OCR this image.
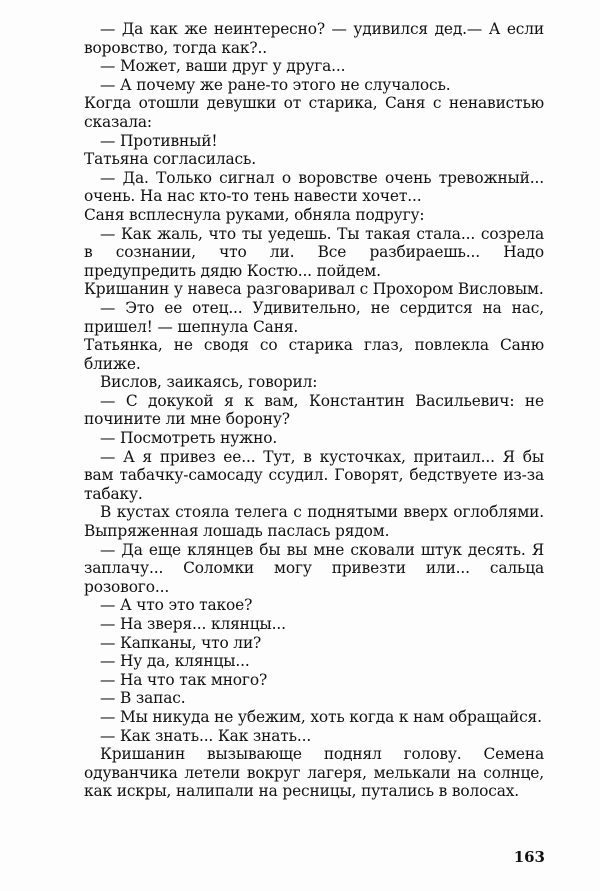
— Да как же неинтересно? — удивился дед.— А если воровство, тогда как?..

— Может, ваши друг у друга...

— А почему же ране-то этого не случалось.

Когда отошли девушки от старика, Саня с ненавистью сказала:

— Противный!

Татьяна согласилась.

— Да. Только сигнал о воровстве очень тревожный... очень. На нас кто-то тень навести хочет...

Саня всплеснула руками, обняла подругу:

— Как жаль, что ты уедешь. Ты такая стала... созрела в сознании, что ли. Все разбираешь... Надо предупредить дядю Костю... пойдем.

Кришанин у навеса разговаривал с Прохором Висловым.

— Это ее отец... Удивительно, не сердится на нас, пришел! — шепнула Саня.

Татьянка, не сводя со старика глаз, повлекла Саню ближе.

Вислов, заикаясь, говорил:

— С докукой я к вам, Константин Васильевич: не почините ли мне борону?

— Посмотреть нужно.

— А я привез ее... Тут, в кусточках, притаил... Я бы вам табачку-самосаду ссудил. Говорят, бедствуете из-за табаку.

В кустах стояла телега с поднятыми вверх оглоблями. Выпряженная лошадь паслась рядом.

— Да еще клянцев бы вы мне сковали штук десять. Я заплачу... Соломки могу привезти или... сальца розового...

— А что это такое?

— На зверя... клянцы...

— Капканы, что ли?

— Ну да, клянцы...

— На что так много?

— В запас.

— Мы никуда не убежим, хоть когда к нам обращайся.

— Как знать... Как знать...

Кришанин вызывающе поднял голову. Семена одуванчика летели вокруг лагеря, мелькали на солнце, как искры, налипали на ресницы, путались в волосах.

163
